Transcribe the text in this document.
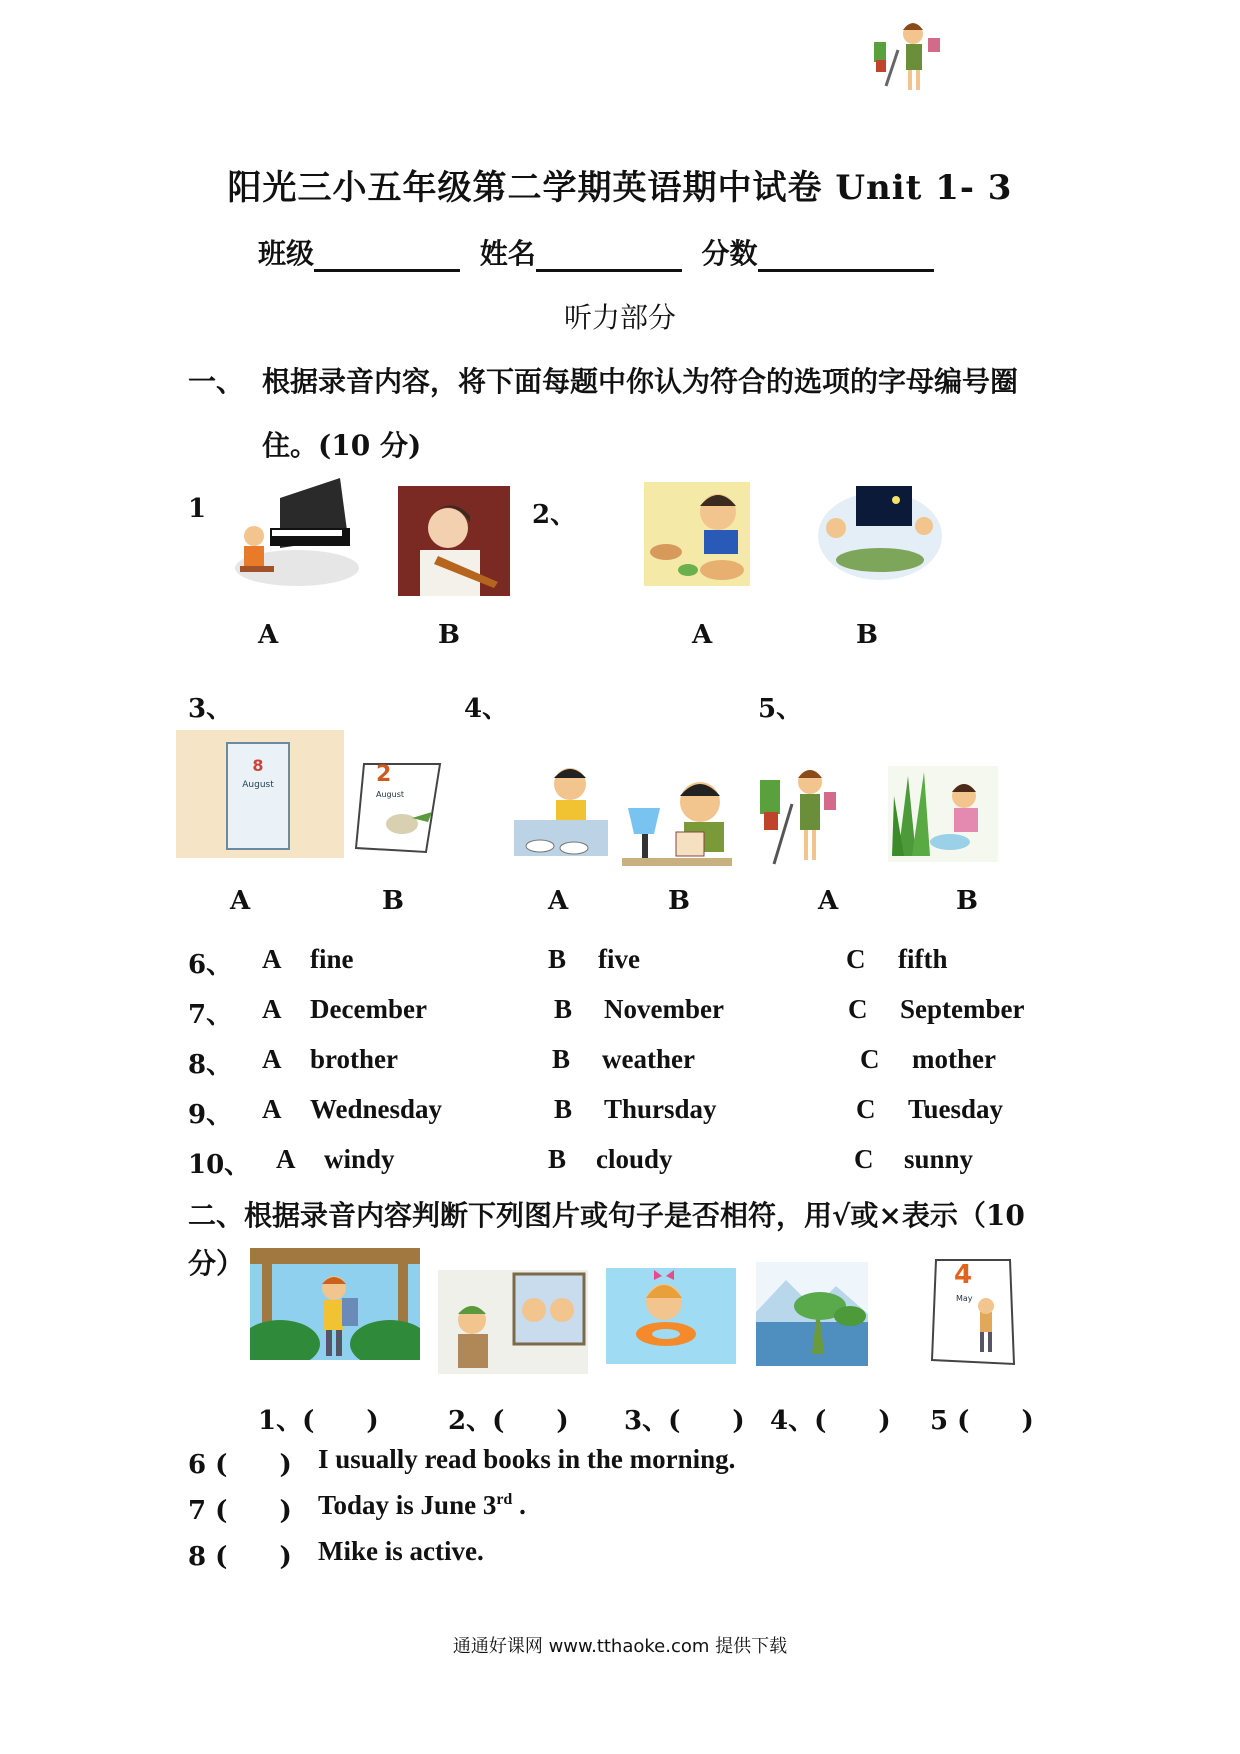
阳光三小五年级第二学期英语期中试卷 Unit 1- 3
班级	姓名	分数
听力部分
一、 根据录音内容，将下面每题中你认为符合的选项的字母编号圈
住。(10 分)
1	2、
A	B	A	B
3、	4、	5、
8
August	2
August
A	B	A	B	A	B
6、 A fine	B five	C fifth
7、 A December	B November	C September
8、 A brother	B weather	C mother
9、 A Wednesday	B Thursday	C Tuesday
10、 A windy	B cloudy	C sunny
二、根据录音内容判断下列图片或句子是否相符，用√或×表示（10
分）	4
May
1、(　　)	2、(　　) 3、(　　) 4、(　　) 5 (　　)
6 (　　) I usually read books in the morning.
7 (　　) Today is June 3rd .
8 (　　) Mike is active.
通通好课网 www.tthaoke.com 提供下载
